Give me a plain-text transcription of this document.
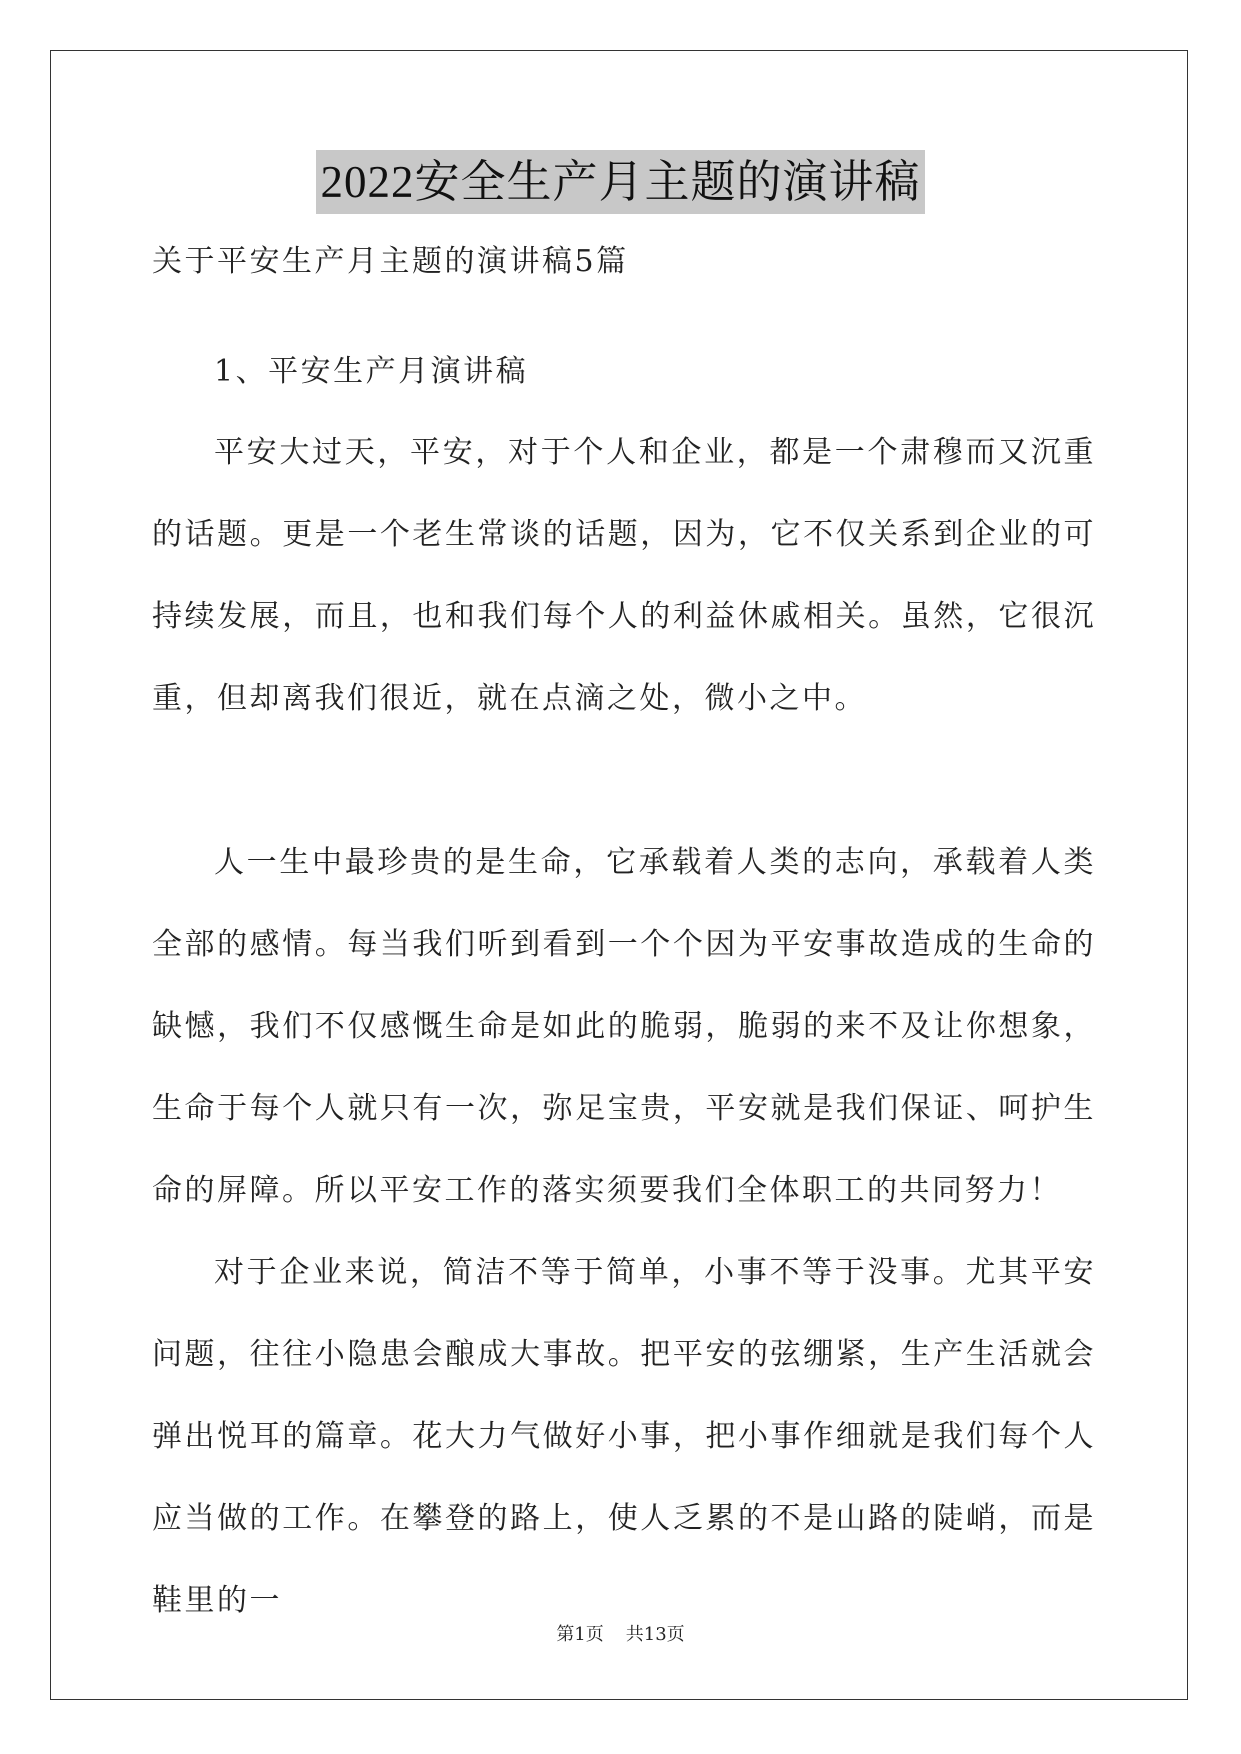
2022安全生产月主题的演讲稿

关于平安生产月主题的演讲稿5篇

1、平安生产月演讲稿

平安大过天，平安，对于个人和企业，都是一个肃穆而又沉重的话题。更是一个老生常谈的话题，因为，它不仅关系到企业的可持续发展，而且，也和我们每个人的利益休戚相关。虽然，它很沉重，但却离我们很近，就在点滴之处，微小之中。

人一生中最珍贵的是生命，它承载着人类的志向，承载着人类全部的感情。每当我们听到看到一个个因为平安事故造成的生命的缺憾，我们不仅感慨生命是如此的脆弱，脆弱的来不及让你想象，生命于每个人就只有一次，弥足宝贵，平安就是我们保证、呵护生命的屏障。所以平安工作的落实须要我们全体职工的共同努力！

对于企业来说，简洁不等于简单，小事不等于没事。尤其平安问题，往往小隐患会酿成大事故。把平安的弦绷紧，生产生活就会弹出悦耳的篇章。花大力气做好小事，把小事作细就是我们每个人应当做的工作。在攀登的路上，使人乏累的不是山路的陡峭，而是鞋里的一

第1页 共13页
